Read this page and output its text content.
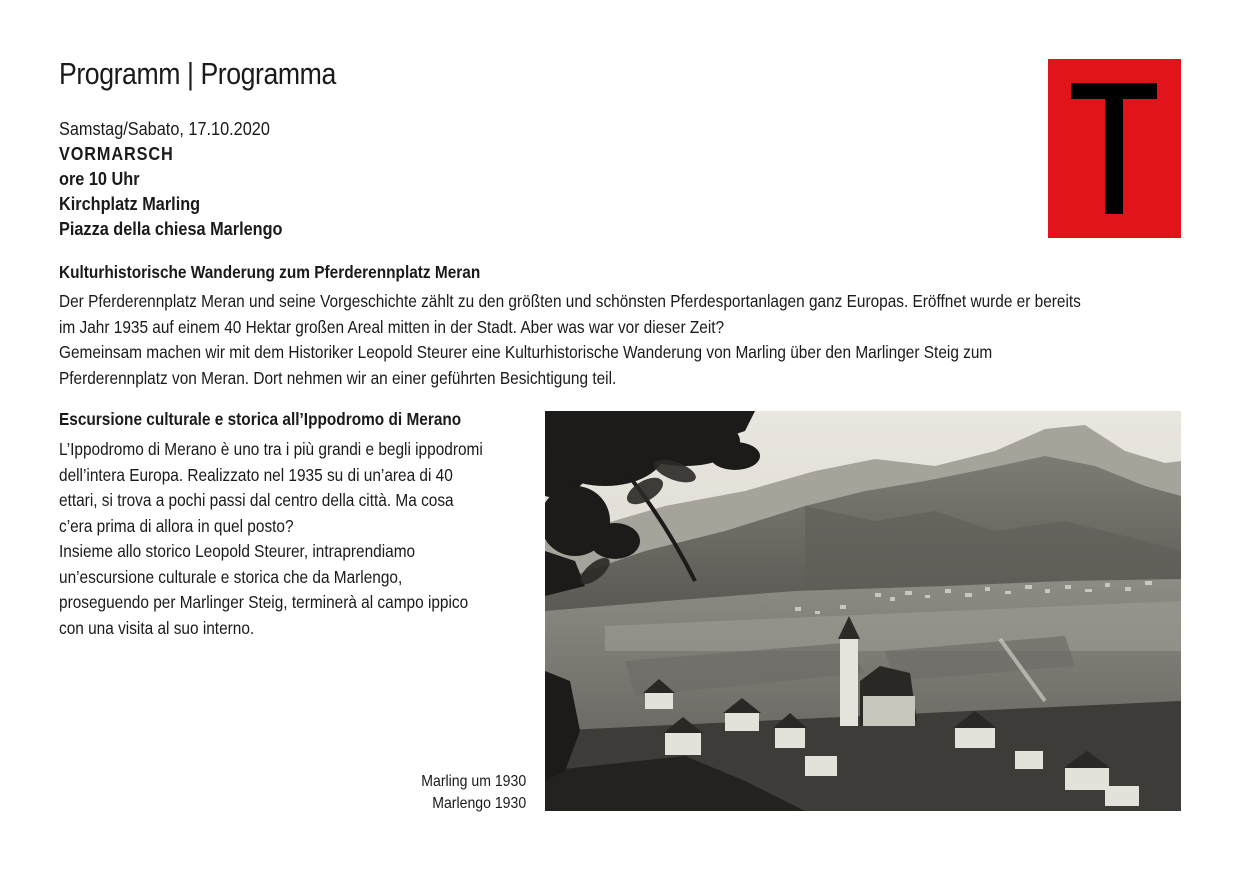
Programm | Programma
Samstag/Sabato, 17.10.2020
VORMARSCH
ore 10 Uhr
Kirchplatz Marling
Piazza della chiesa Marlengo
Kulturhistorische Wanderung zum Pferderennplatz Meran

Der Pferderennplatz Meran und seine Vorgeschichte zählt zu den größten und schönsten Pferdesportanlagen ganz Europas. Eröffnet wurde er bereits

im Jahr 1935 auf einem 40 Hektar großen Areal mitten in der Stadt. Aber was war vor dieser Zeit?

Gemeinsam machen wir mit dem Historiker Leopold Steurer eine Kulturhistorische Wanderung von Marling über den Marlinger Steig zum

Pferderennplatz von Meran. Dort nehmen wir an einer geführten Besichtigung teil.

Escursione culturale e storica all’Ippodromo di Merano

L’Ippodromo di Merano è uno tra i più grandi e begli ippodromi

dell’intera Europa. Realizzato nel 1935 su di un’area di 40

ettari, si trova a pochi passi dal centro della città. Ma cosa

c’era prima di allora in quel posto?

Insieme allo storico Leopold Steurer, intraprendiamo

un’escursione culturale e storica che da Marlengo,

proseguendo per Marlinger Steig, terminerà al campo ippico

con una visita al suo interno.

Marling um 1930
Marlengo 1930
